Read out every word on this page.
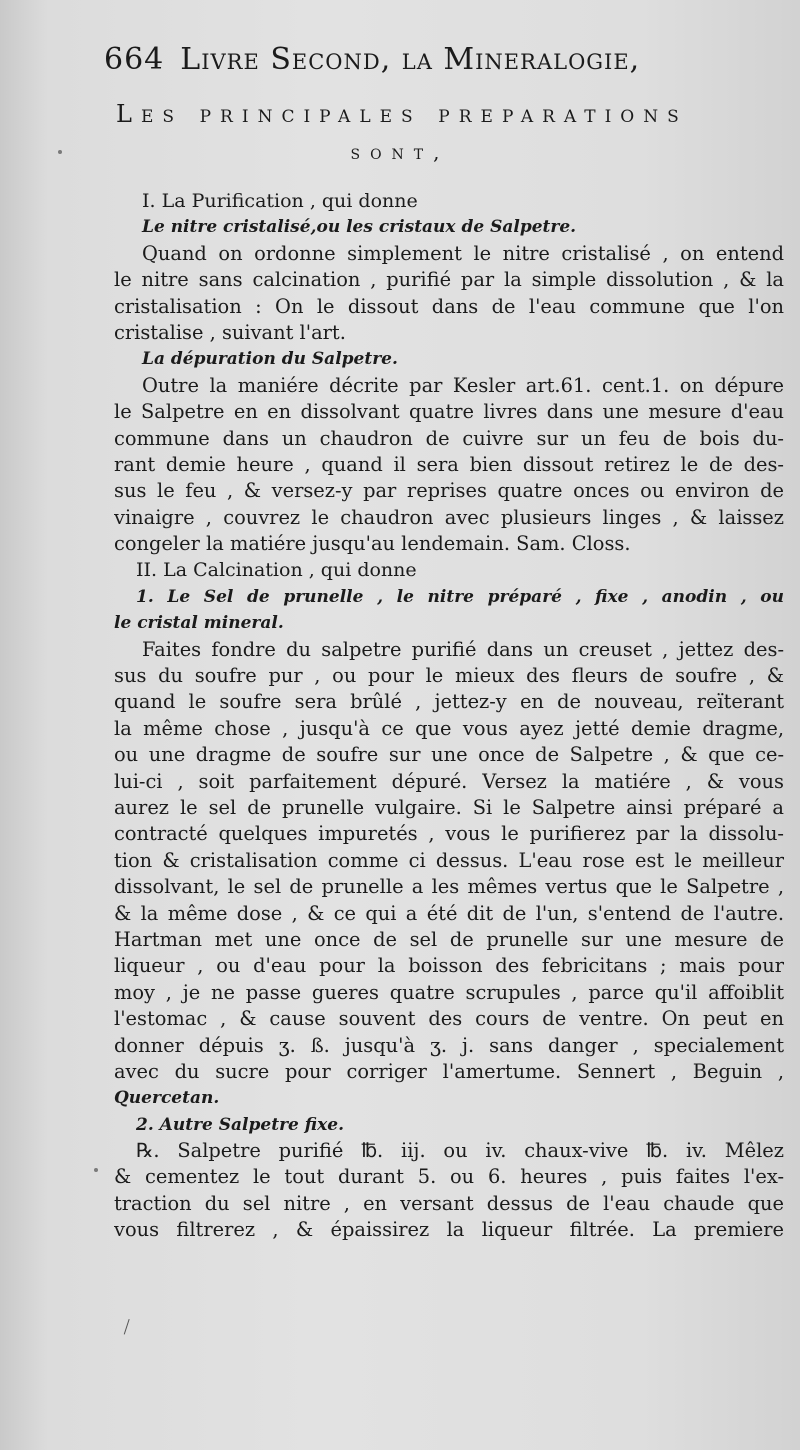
664 Livre Second, la Mineralogie,
Les principales preparations
sont,
I. La Purification , qui donne
Le nitre cristalisé,ou les cristaux de Salpetre.
Quand on ordonne simplement le nitre cristalisé , on entend
le nitre sans calcination , purifié par la simple dissolution , & la
cristalisation : On le dissout dans de l'eau commune que l'on
cristalise , suivant l'art.
La dépuration du Salpetre.
Outre la maniére décrite par Kesler art.61. cent.1. on dépure
le Salpetre en en dissolvant quatre livres dans une mesure d'eau
commune dans un chaudron de cuivre sur un feu de bois du-
rant demie heure , quand il sera bien dissout retirez le de des-
sus le feu , & versez-y par reprises quatre onces ou environ de
vinaigre , couvrez le chaudron avec plusieurs linges , & laissez
congeler la matiére jusqu'au lendemain. Sam. Closs.
II. La Calcination , qui donne
1. Le Sel de prunelle , le nitre préparé , fixe , anodin , ou
le cristal mineral.
Faites fondre du salpetre purifié dans un creuset , jettez des-
sus du soufre pur , ou pour le mieux des fleurs de soufre , &
quand le soufre sera brûlé , jettez-y en de nouveau, reïterant
la même chose , jusqu'à ce que vous ayez jetté demie dragme,
ou une dragme de soufre sur une once de Salpetre , & que ce-
lui-ci , soit parfaitement dépuré. Versez la matiére , & vous
aurez le sel de prunelle vulgaire. Si le Salpetre ainsi préparé a
contracté quelques impuretés , vous le purifierez par la dissolu-
tion & cristalisation comme ci dessus. L'eau rose est le meilleur
dissolvant, le sel de prunelle a les mêmes vertus que le Salpetre ,
& la même dose , & ce qui a été dit de l'un, s'entend de l'autre.
Hartman met une once de sel de prunelle sur une mesure de
liqueur , ou d'eau pour la boisson des febricitans ; mais pour
moy , je ne passe gueres quatre scrupules , parce qu'il affoiblit
l'estomac , & cause souvent des cours de ventre. On peut en
donner dépuis ʒ. ß. jusqu'à ʒ. j. sans danger , specialement
avec du sucre pour corriger l'amertume. Sennert , Beguin ,
Quercetan.
2. Autre Salpetre fixe.
℞. Salpetre purifié ℔. iij. ou iv. chaux-vive ℔. iv. Mêlez
& cementez le tout durant 5. ou 6. heures , puis faites l'ex-
traction du sel nitre , en versant dessus de l'eau chaude que
vous filtrerez , & épaissirez la liqueur filtrée. La premiere
